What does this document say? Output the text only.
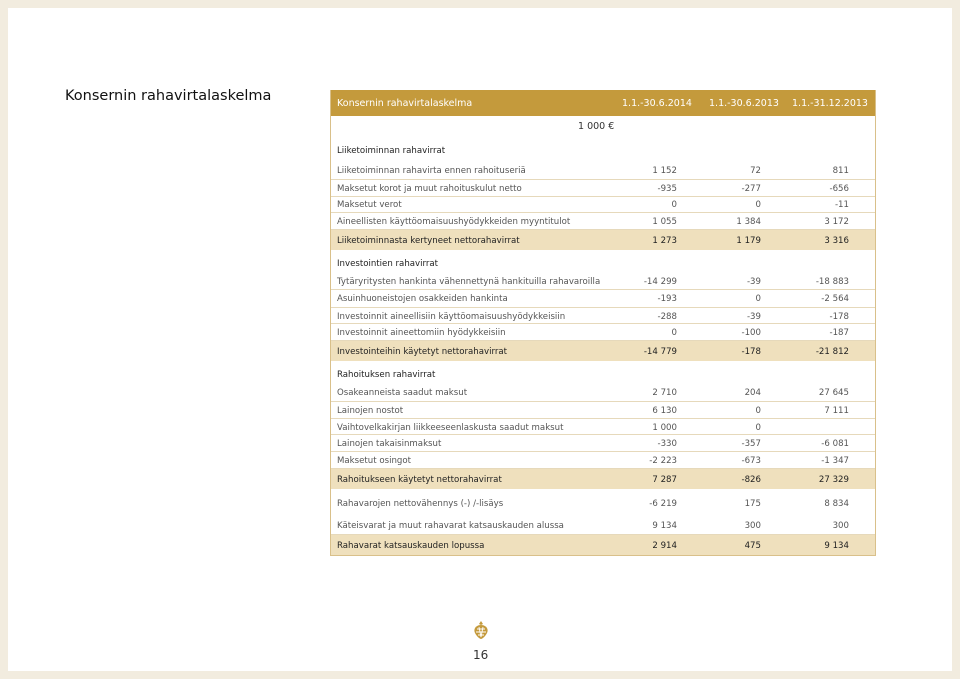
Konsernin rahavirtalaskelma	Konsernin rahavirtalaskelma	1.1.-30.6.2014 1.1.-30.6.2013 1.1.-31.12.2013
1 000 €
Liiketoiminnan rahavirrat
Liiketoiminnan rahavirta ennen rahoituseriä	1 152	72	811
Maksetut korot ja muut rahoituskulut netto	-935	-277	-656
Maksetut verot	0	0	-11
Aineellisten käyttöomaisuushyödykkeiden myyntitulot	1 055	1 384	3 172
Liiketoiminnasta kertyneet nettorahavirrat	1 273	1 179	3 316
Investointien rahavirrat
Tytäryritysten hankinta vähennettynä hankituilla rahavaroilla	-14 299	-39	-18 883
Asuinhuoneistojen osakkeiden hankinta	-193	0	-2 564
Investoinnit aineellisiin käyttöomaisuushyödykkeisiin	-288	-39	-178
Investoinnit aineettomiin hyödykkeisiin	0	-100	-187
Investointeihin käytetyt nettorahavirrat	-14 779	-178	-21 812
Rahoituksen rahavirrat
Osakeanneista saadut maksut	2 710	204	27 645
Lainojen nostot	6 130	0	7 111
Vaihtovelkakirjan liikkeeseenlaskusta saadut maksut	1 000	0
Lainojen takaisinmaksut	-330	-357	-6 081
Maksetut osingot	-2 223	-673	-1 347
Rahoitukseen käytetyt nettorahavirrat	7 287	-826	27 329
Rahavarojen nettovähennys (-) /-lisäys	-6 219	175	8 834
Käteisvarat ja muut rahavarat katsauskauden alussa	9 134	300	300
Rahavarat katsauskauden lopussa	2 914	475	9 134
16
